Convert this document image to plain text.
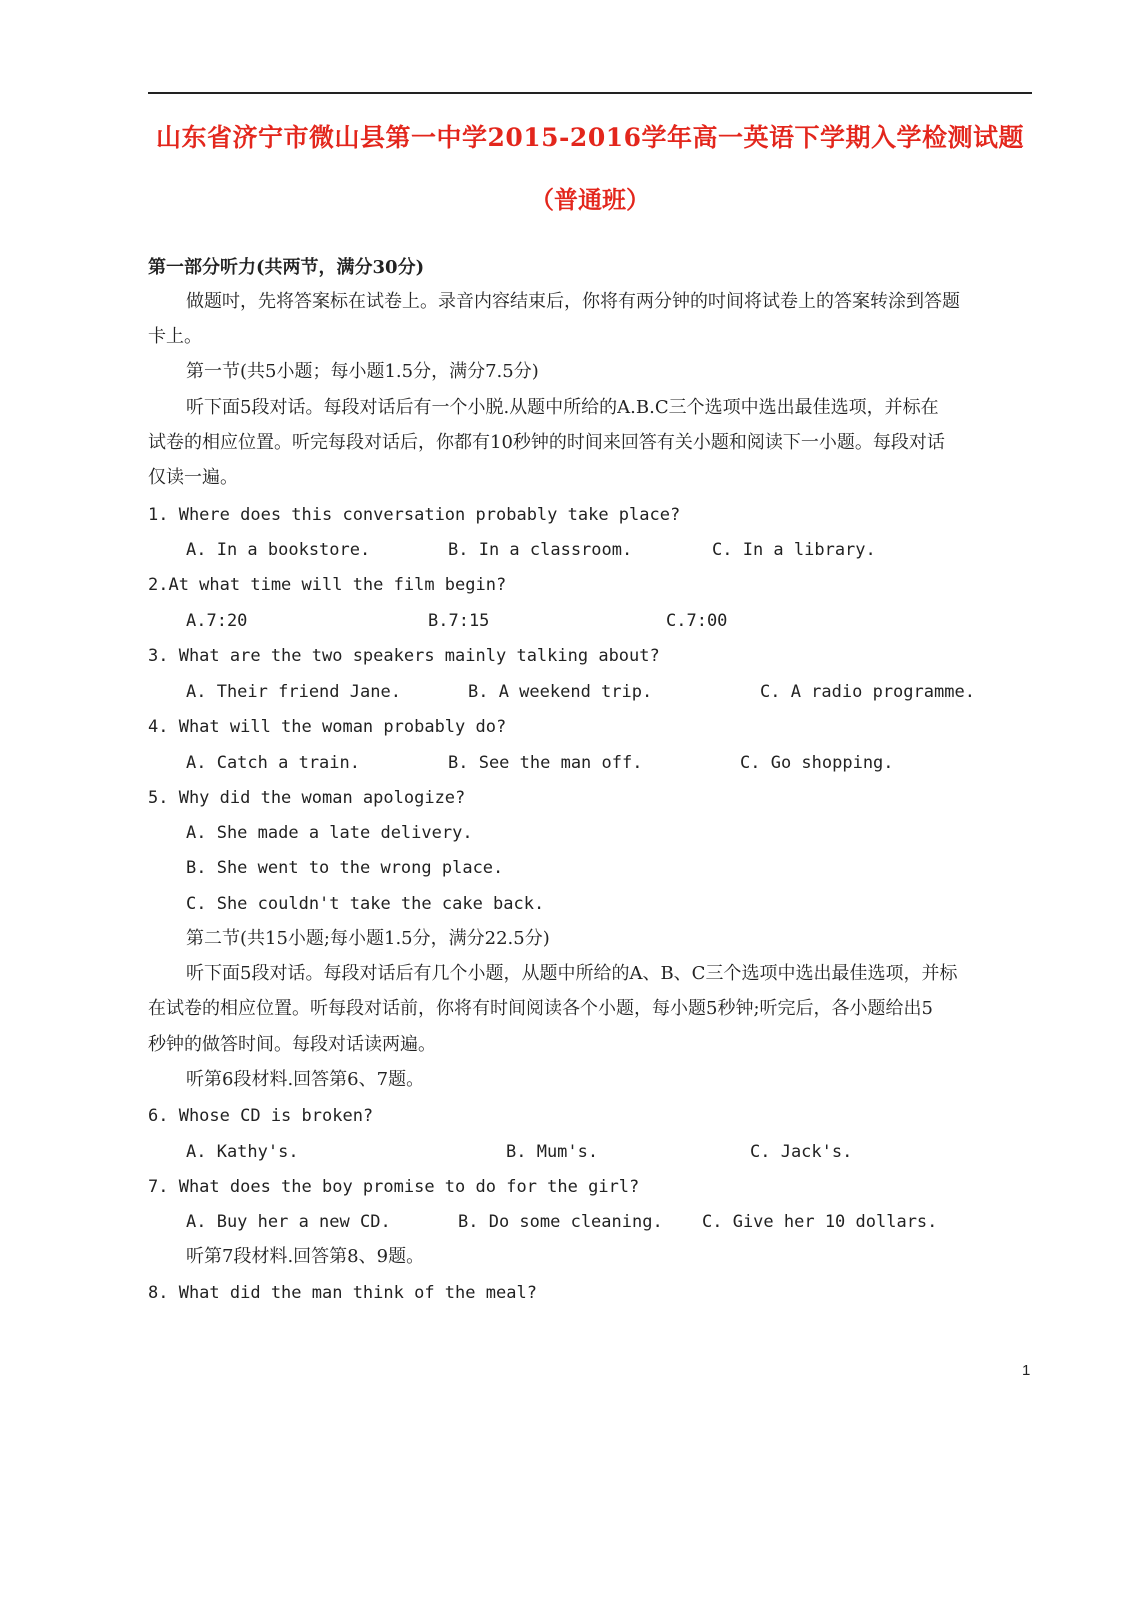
山东省济宁市微山县第一中学2015-2016学年高一英语下学期入学检测试题
（普通班）
第一部分听力(共两节，满分30分)
做题吋，先将答案标在试卷上。录音内容结束后，你将有两分钟的吋间将试卷上的答案转涂到答题
卡上。
第一节(共5小题；每小题1.5分，满分7.5分)
听下面5段对话。每段对话后有一个小脱.从题中所给的A.B.C三个选项中选出最佳选项，并标在
试卷的相应位置。听完每段对话后，你都有10秒钟的时间来回答有关小题和阅读下一小题。每段对话
仅读一遍。
1. Where does this conversation probably take place?
A. In a bookstore.	B. In a classroom.	C. In a library.
2.At what time will the film begin?
A.7:20	B.7:15	C.7:00
3. What are the two speakers mainly talking about?
A. Their friend Jane.	B. A weekend trip.	C. A radio programme.
4. What will the woman probably do?
A. Catch a train.	B. See the man off.	C. Go shopping.
5. Why did the woman apologize?
A. She made a late delivery.
B. She went to the wrong place.
C. She couldn't take the cake back.
第二节(共15小题;每小题1.5分，满分22.5分)
听下面5段对话。每段对话后有几个小题，从题中所给的A、B、C三个选项中选出最佳选项，并标
在试卷的相应位置。听每段对话前，你将有时间阅读各个小题，每小题5秒钟;听完后，各小题给出5
秒钟的做答时间。每段对话读两遍。
听第6段材料.回答第6、7题。
6. Whose CD is broken?
A. Kathy's.	B. Mum's.	C. Jack's.
7. What does the boy promise to do for the girl?
A. Buy her a new CD.	B. Do some cleaning. C. Give her 10 dollars.
听第7段材料.回答第8、9题。
8. What did the man think of the meal?
1
